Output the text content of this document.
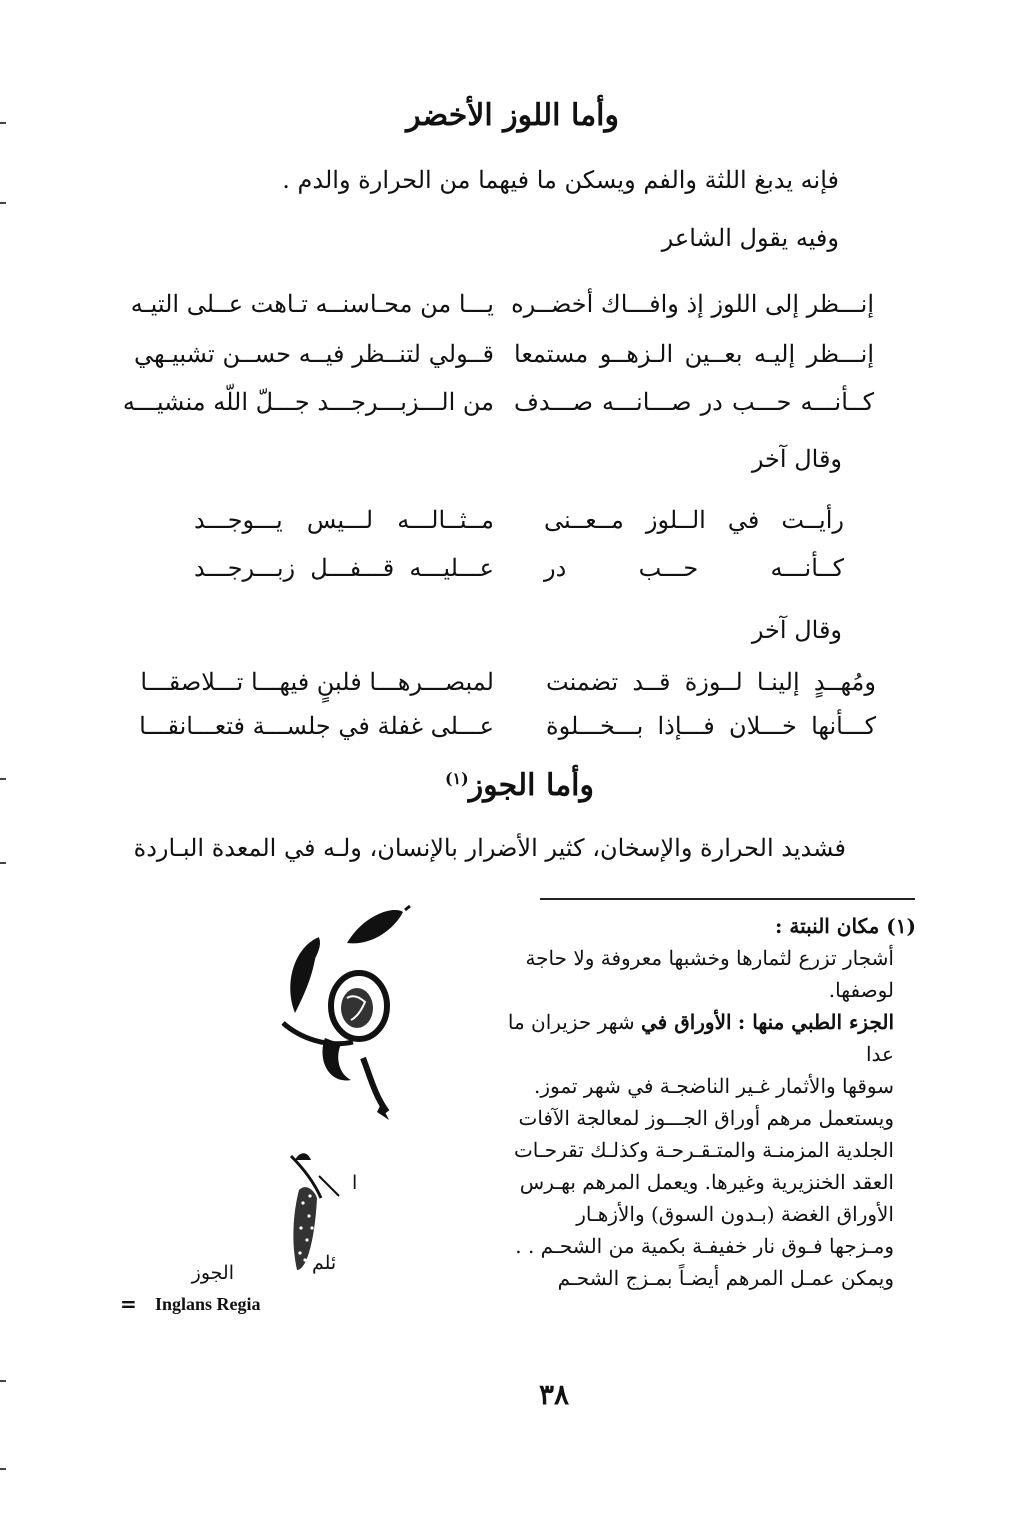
وأما اللوز الأخضر
فإنه يدبغ اللثة والفم ويسكن ما فيهما من الحرارة والدم .
وفيه يقول الشاعر
إنـــظر إلى اللوز إذ وافـــاك أخضــره
يـــا من محـاسنــه تـاهت عــلى التيـه
إنـــظر إليـه بعــين الـزهــو مستمعا
قــولي لتنــظر فيــه حســن تشبيـهي
كــأنـــه حـــب در صـــانـــه صـــدف
من الـــزبـــرجـــد جـــلّ اللّه منشيـــه
وقال آخر
رأيــت في الــلوز مــعــنى
مــثــالـــه لـــيس يـــوجـــد
كــأنـــه حـــب در
عـــليـــه قـــفـــل زبـــرجـــد
وقال آخر
ومُهــدٍ إلينـا لــوزة قــد تضمنت
لمبصـــرهـــا فلبنٍ فيهـــا تـــلاصقـــا
كـــأنها خـــلان فـــإذا بـــخـــلوة
عـــلى غفلة في جلســـة فتعـــانقـــا
وأما الجوز$^{(١)}$
فشديد الحرارة والإسخان، كثير الأضرار بالإنسان، ولـه في المعدة البـاردة
(١) مكان النبتة :
أشجار تزرع لثمارها وخشبها معروفة ولا حاجة
لوصفها.
الجزء الطبي منها : الأوراق في شهر حزيران ما عدا
سوقها والأثمار غـير الناضجـة في شهر تموز.
ويستعمل مرهم أوراق الجـــوز لمعالجة الآفات
الجلدية المزمنـة والمتـقـرحـة وكذلـك تقرحـات
العقد الخنزيرية وغيرها. ويعمل المرهم بهـرس
الأوراق الغضة (بـدون السوق) والأزهـار
ومـزجها فـوق نار خفيفـة بكمية من الشحـم . .
ويمكن عمـل المرهم أيضـاً بمـزج الشحـم
ا
ئلم
الجوز
= Inglans Regia
٣٨
